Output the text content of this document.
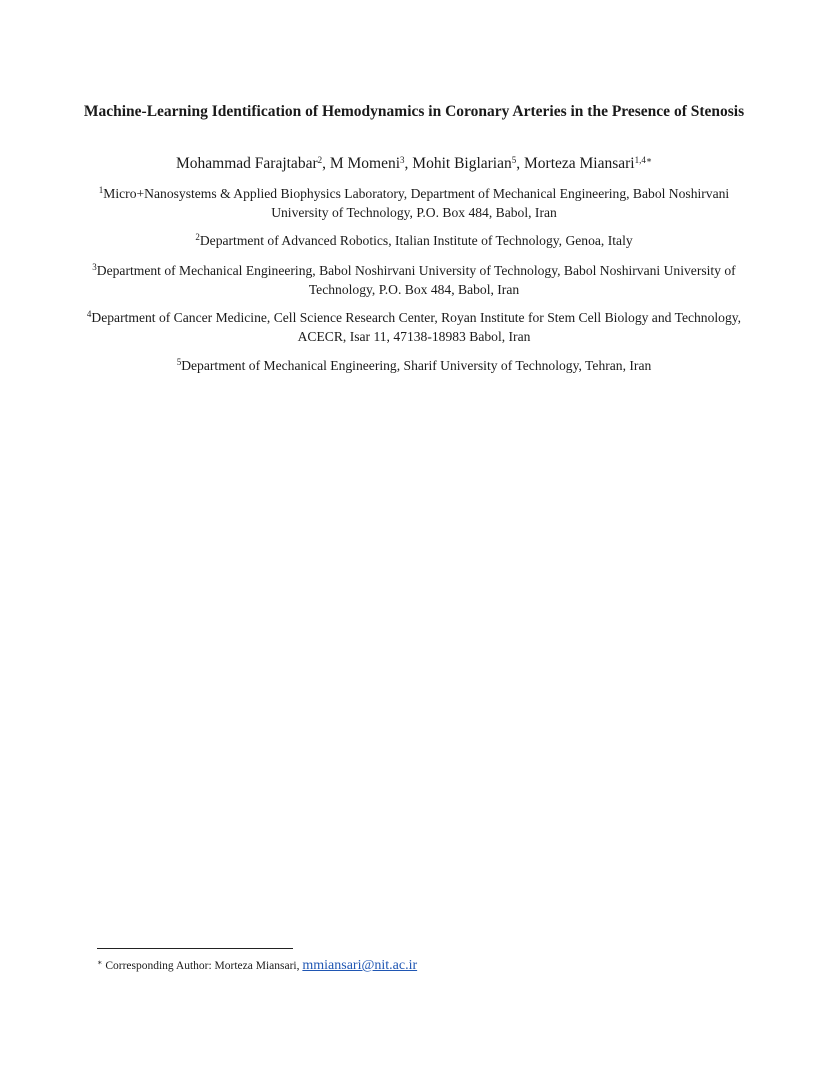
Machine-Learning Identification of Hemodynamics in Coronary Arteries in the Presence of Stenosis
Mohammad Farajtabar$^2$, M Momeni$^3$, Mohit Biglarian$^5$, Morteza Miansari$^{1,4∗}$
$^1$Micro+Nanosystems & Applied Biophysics Laboratory, Department of Mechanical Engineering, Babol Noshirvani University of Technology, P.O. Box 484, Babol, Iran
$^2$Department of Advanced Robotics, Italian Institute of Technology, Genoa, Italy
$^3$Department of Mechanical Engineering, Babol Noshirvani University of Technology, Babol Noshirvani University of Technology, P.O. Box 484, Babol, Iran
$^4$Department of Cancer Medicine, Cell Science Research Center, Royan Institute for Stem Cell Biology and Technology, ACECR, Isar 11, 47138-18983 Babol, Iran
$^5$Department of Mechanical Engineering, Sharif University of Technology, Tehran, Iran
∗ Corresponding Author: Morteza Miansari, mmiansari@nit.ac.ir
